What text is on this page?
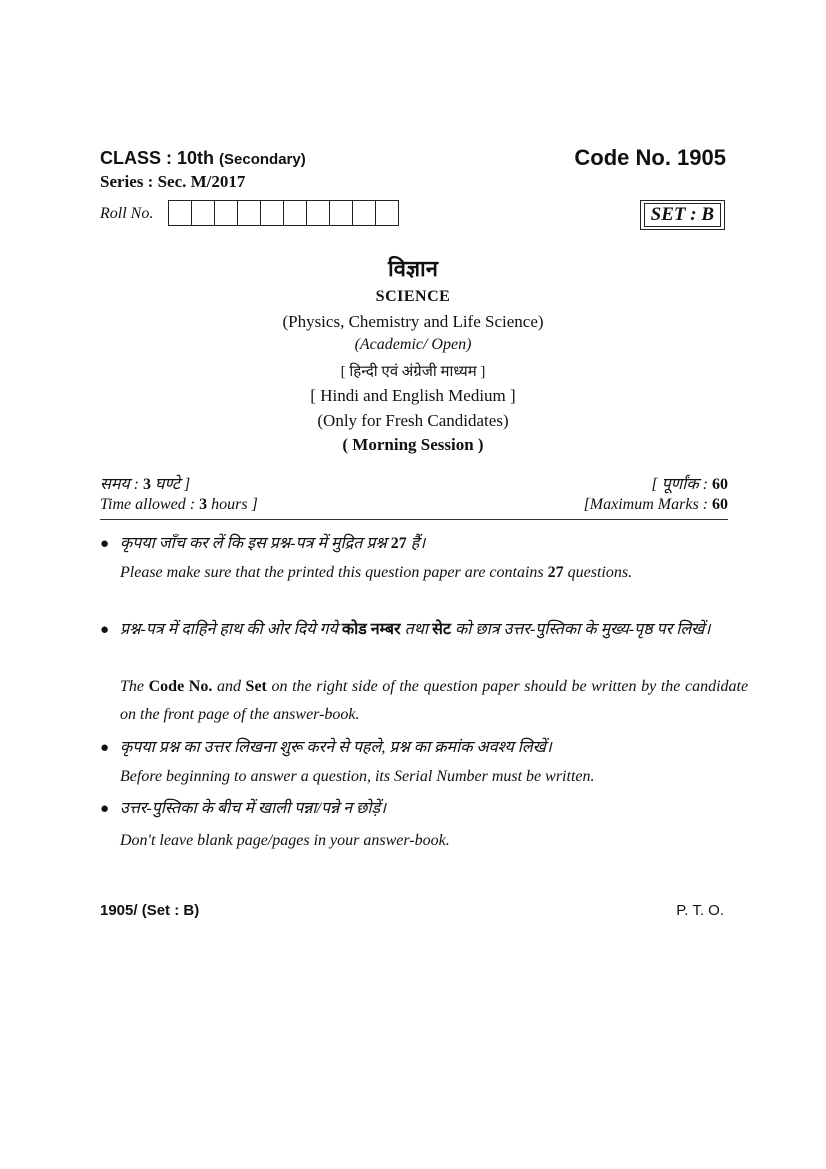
CLASS : 10th (Secondary)	Code No. 1905
Series : Sec. M/2017
Roll No.	SET : B
विज्ञान
SCIENCE
(Physics, Chemistry and Life Science)
(Academic/ Open)
[ हिन्दी एवं अंग्रेजी माध्यम ]
[ Hindi and English Medium ]
(Only for Fresh Candidates)
( Morning Session )
समय : 3 घण्टे ]	[ पूर्णांक : 60
Time allowed : 3 hours ]	[Maximum Marks : 60
● कृपया जाँच कर लें कि इस प्रश्न-पत्र में मुद्रित प्रश्न 27 हैं।
Please make sure that the printed this question paper are contains 27 questions.
● प्रश्न-पत्र में दाहिने हाथ की ओर दिये गये कोड नम्बर तथा सेट को छात्र उत्तर-पुस्तिका के मुख्य-पृष्ठ पर लिखें।
The Code No. and Set on the right side of the question paper should be written by the candidate on the front page of the answer-book.
● कृपया प्रश्न का उत्तर लिखना शुरू करने से पहले, प्रश्न का क्रमांक अवश्य लिखें।
Before beginning to answer a question, its Serial Number must be written.
● उत्तर-पुस्तिका के बीच में खाली पन्ना/पन्ने न छोड़ें।
Don't leave blank page/pages in your answer-book.
1905/ (Set : B)	P. T. O.
